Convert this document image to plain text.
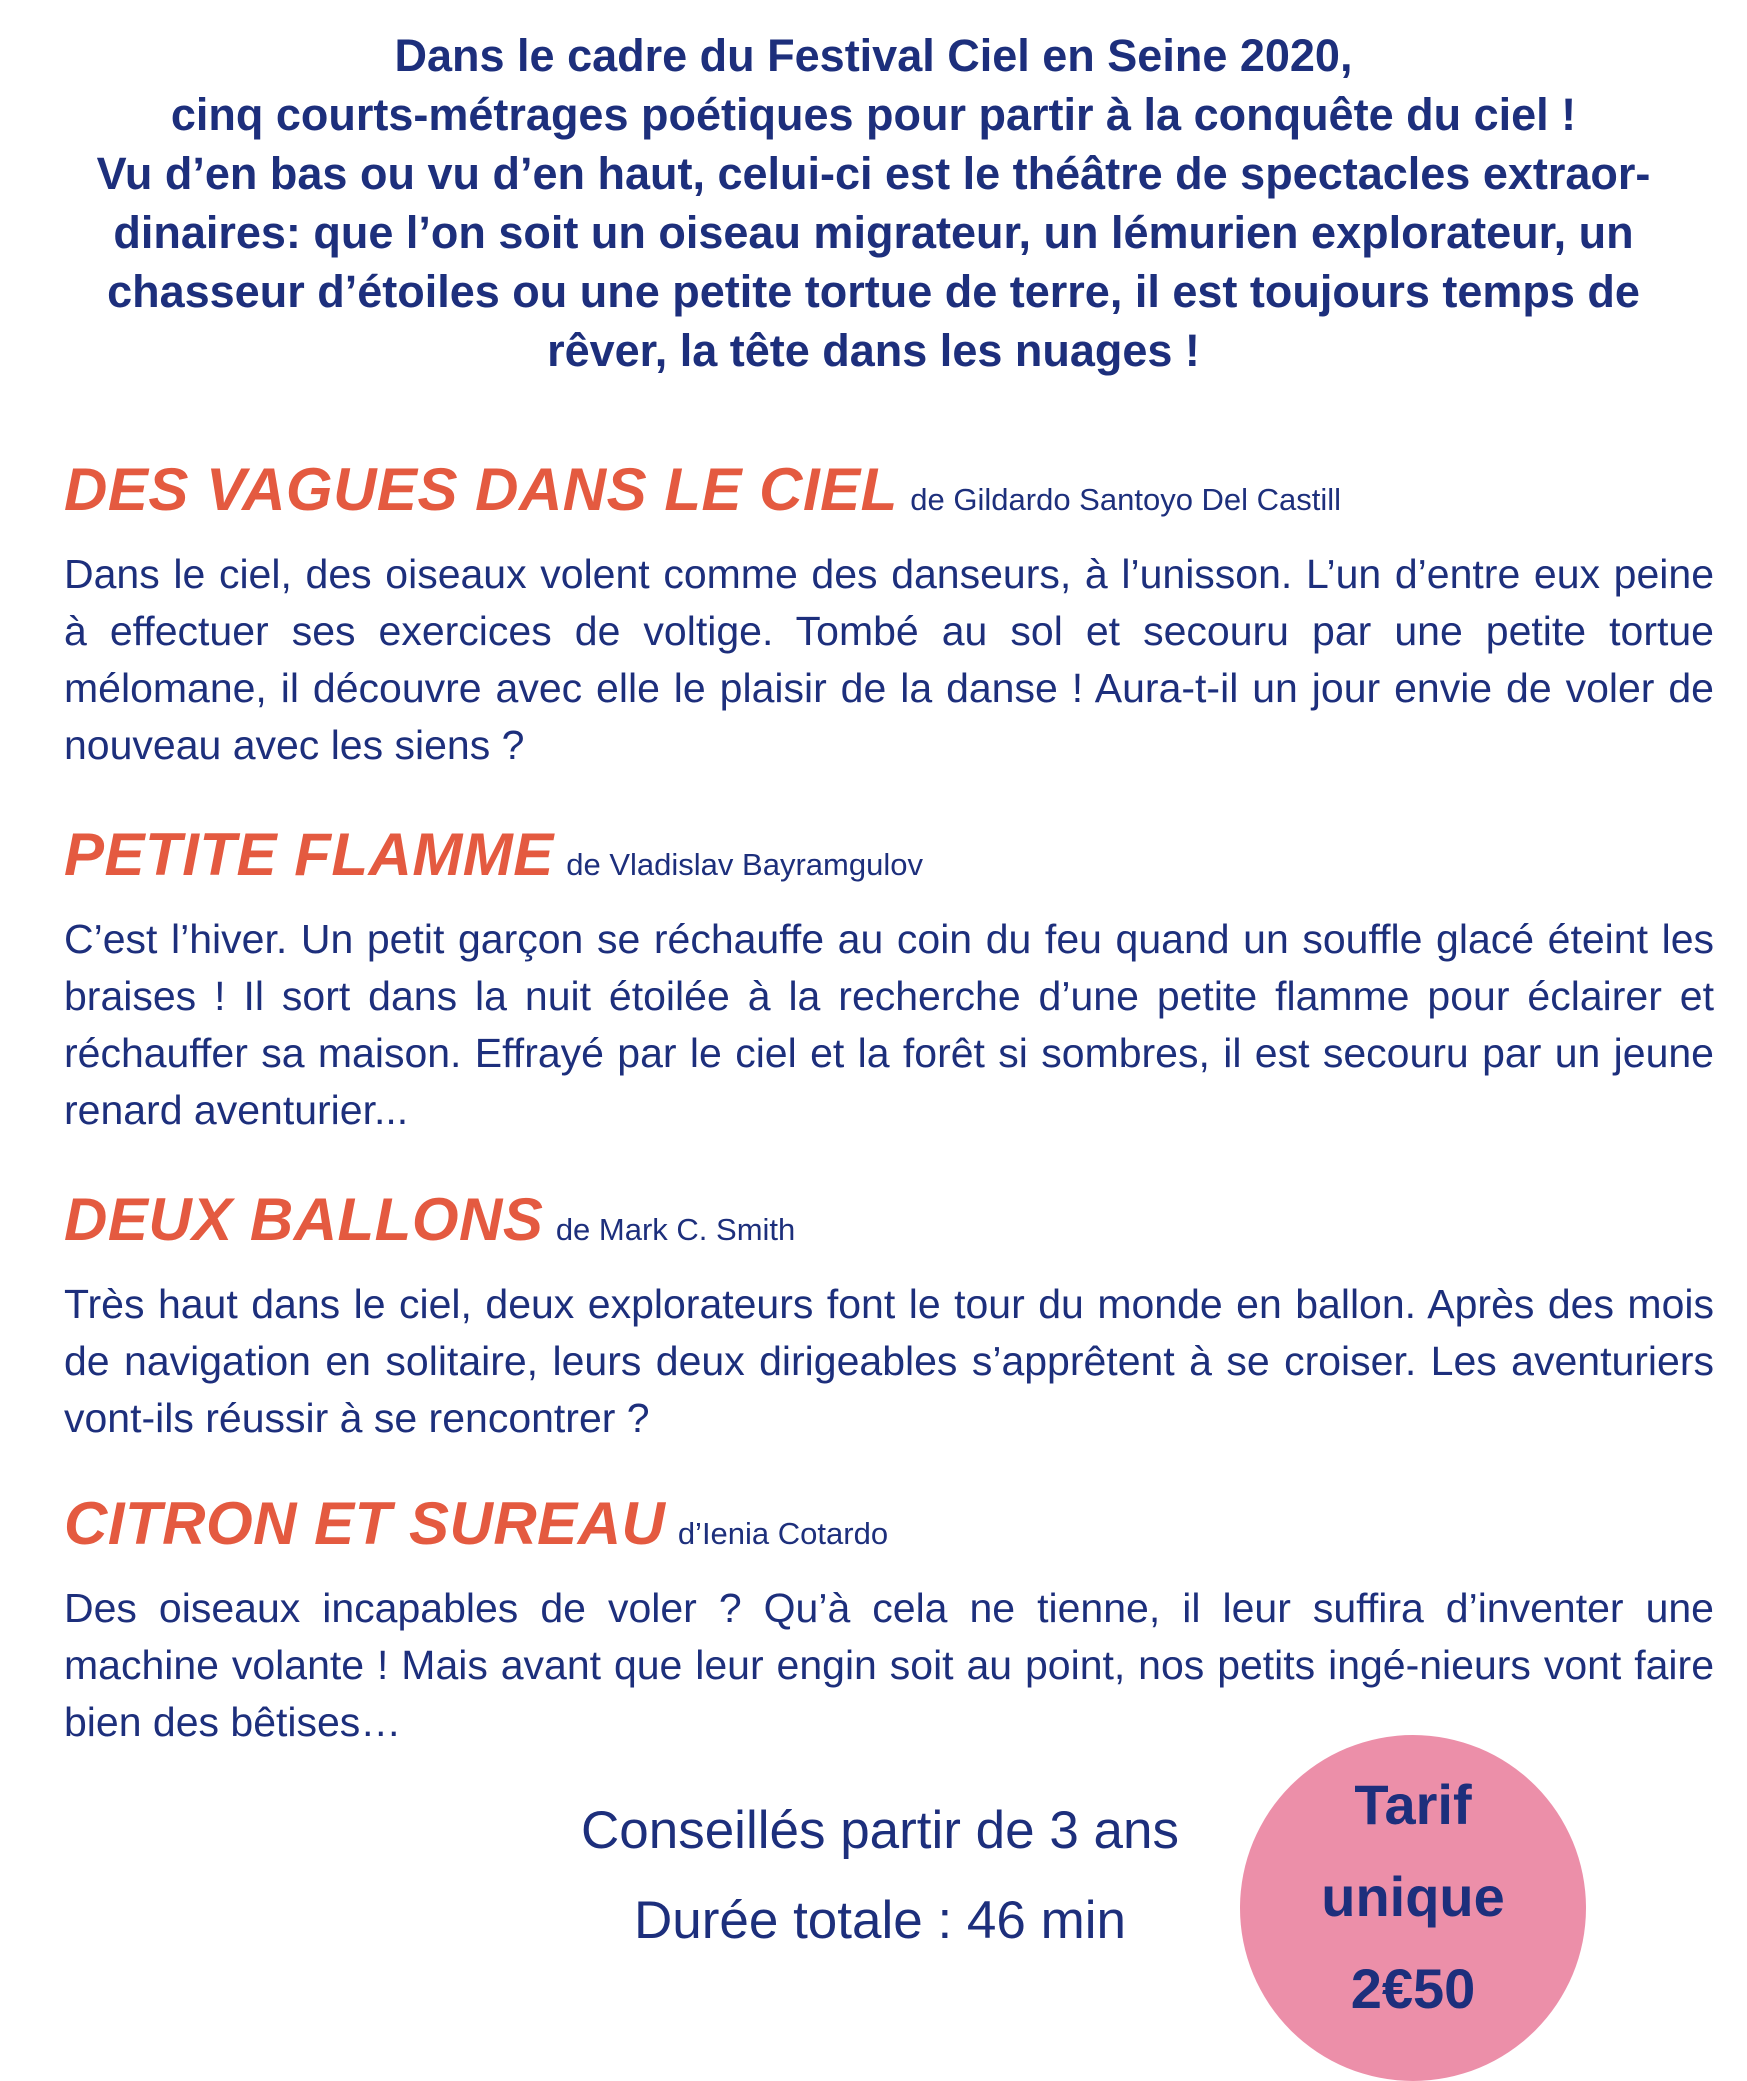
Dans le cadre du Festival Ciel en Seine 2020,

cinq courts-métrages poétiques pour partir à la conquête du ciel !

Vu d’en bas ou vu d’en haut, celui-ci est le théâtre de spectacles extraor-

dinaires: que l’on soit un oiseau migrateur, un lémurien explorateur, un

chasseur d’étoiles ou une petite tortue de terre, il est toujours temps de

rêver, la tête dans les nuages !

DES VAGUES DANS LE CIEL de Gildardo Santoyo Del Castill

Dans le ciel, des oiseaux volent comme des danseurs, à l’unisson. L’un d’entre eux peine à effectuer ses exercices de voltige. Tombé au sol et secouru par une petite tortue mélomane, il découvre avec elle le plaisir de la danse ! Aura-t-il un jour envie de voler de nouveau avec les siens ?

PETITE FLAMME de Vladislav Bayramgulov

C’est l’hiver. Un petit garçon se réchauffe au coin du feu quand un souffle glacé éteint les braises ! Il sort dans la nuit étoilée à la recherche d’une petite flamme pour éclairer et réchauffer sa maison. Effrayé par le ciel et la forêt si sombres, il est secouru par un jeune renard aventurier...

DEUX BALLONS de Mark C. Smith

Très haut dans le ciel, deux explorateurs font le tour du monde en ballon. Après des mois de navigation en solitaire, leurs deux dirigeables s’apprêtent à se croiser. Les aventuriers vont-ils réussir à se rencontrer ?

CITRON ET SUREAU d’Ienia Cotardo

Des oiseaux incapables de voler ? Qu’à cela ne tienne, il leur suffira d’inventer une machine volante ! Mais avant que leur engin soit au point, nos petits ingé-nieurs vont faire bien des bêtises…

Conseillés partir de 3 ans
Durée totale : 46 min
Tarif
unique
2€50
